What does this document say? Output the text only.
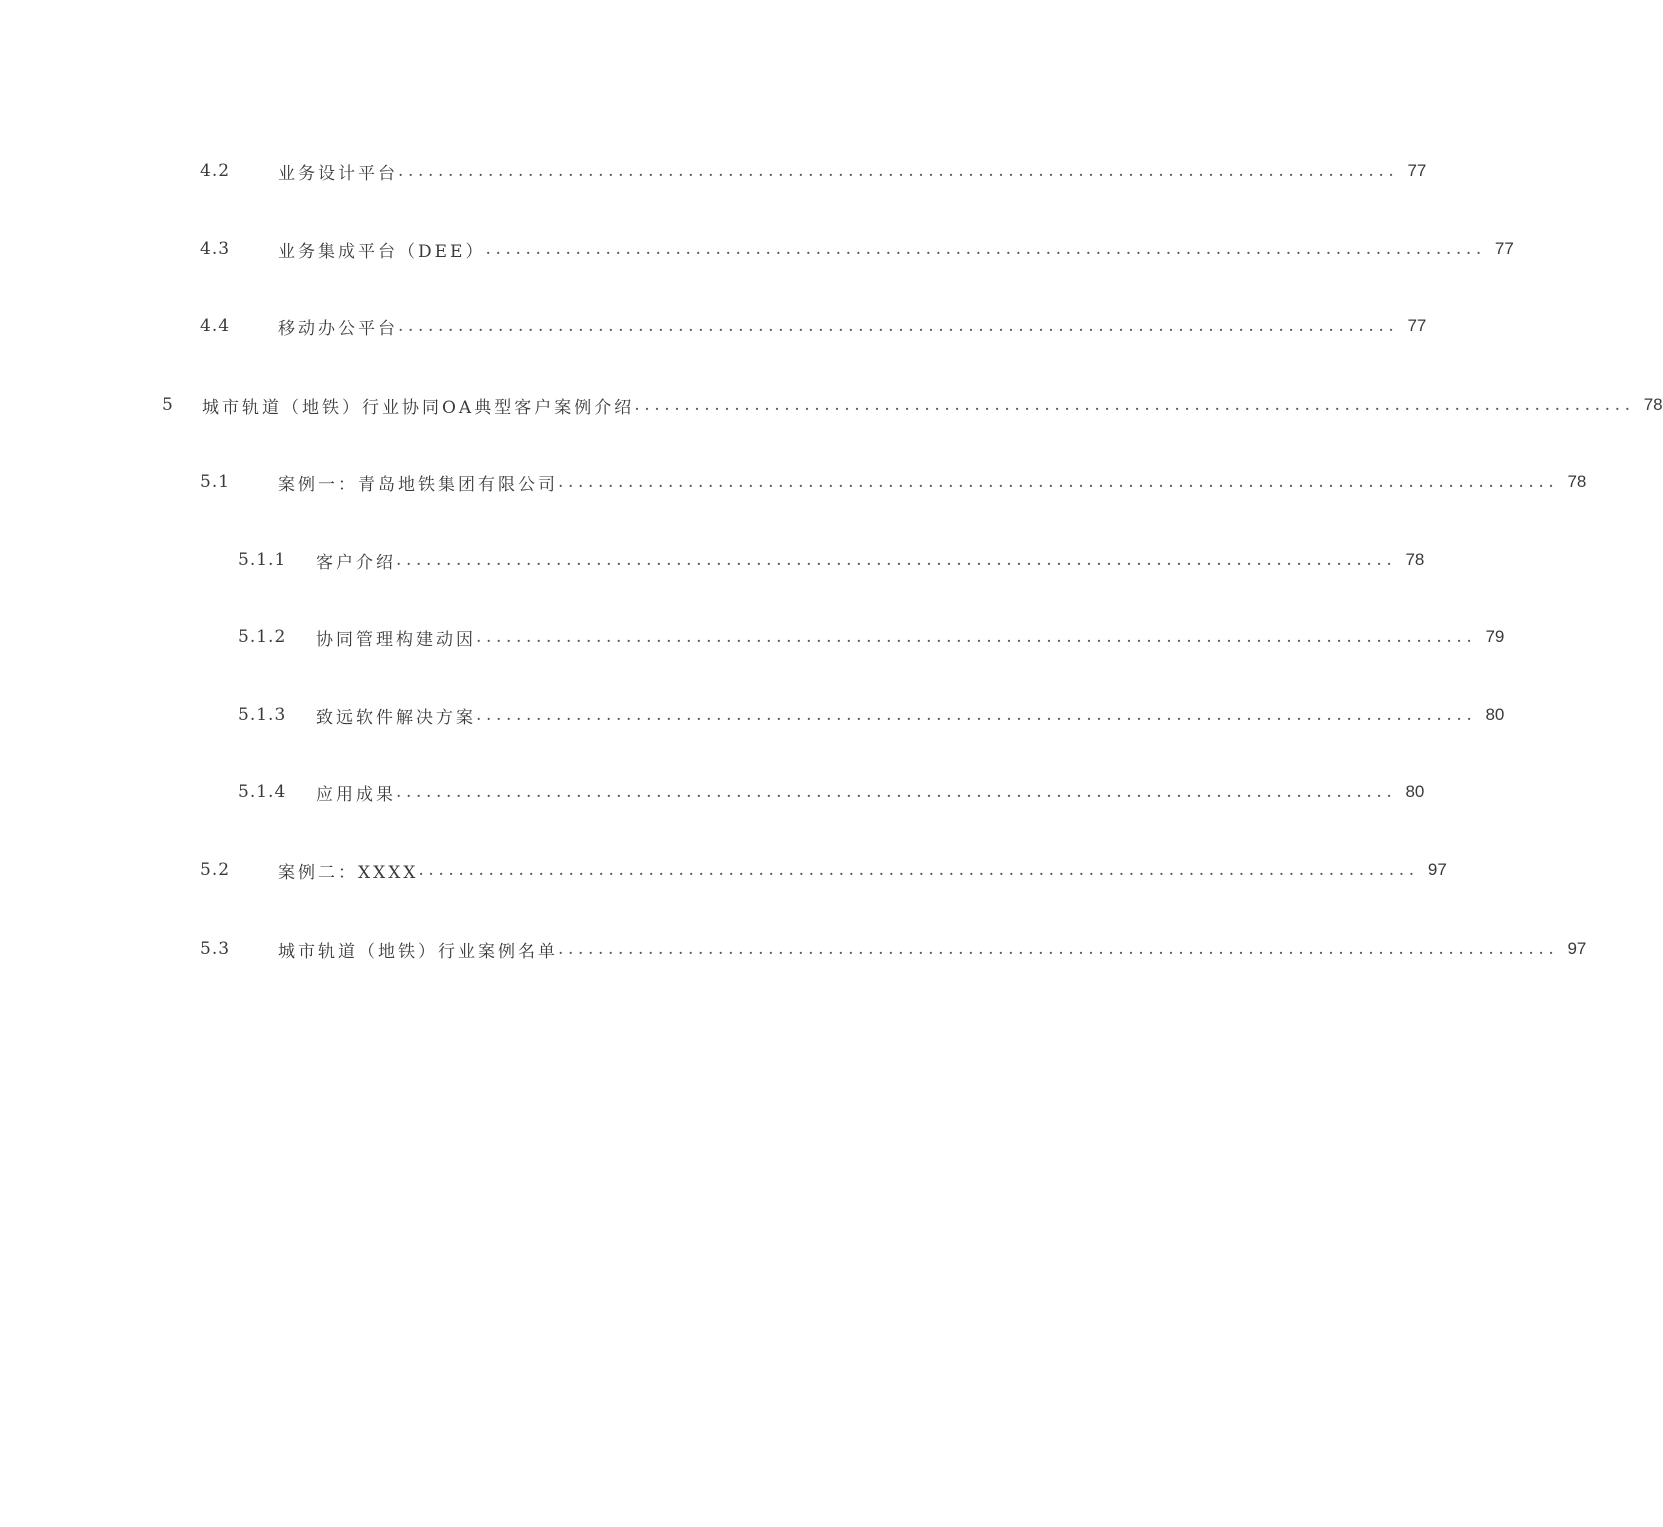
4.2	业务设计平台 .................................................................................................... 77
4.3	业务集成平台（DEE） .................................................................................................... 77
4.4	移动办公平台 .................................................................................................... 77
5	城市轨道（地铁）行业协同OA典型客户案例介绍 .................................................................................................... 78
5.1	案例一：青岛地铁集团有限公司 .................................................................................................... 78
5.1.1	客户介绍 .................................................................................................... 78
5.1.2	协同管理构建动因 .................................................................................................... 79
5.1.3	致远软件解决方案 .................................................................................................... 80
5.1.4	应用成果 .................................................................................................... 80
5.2	案例二：XXXX .................................................................................................... 97
5.3	城市轨道（地铁）行业案例名单 .................................................................................................... 97
